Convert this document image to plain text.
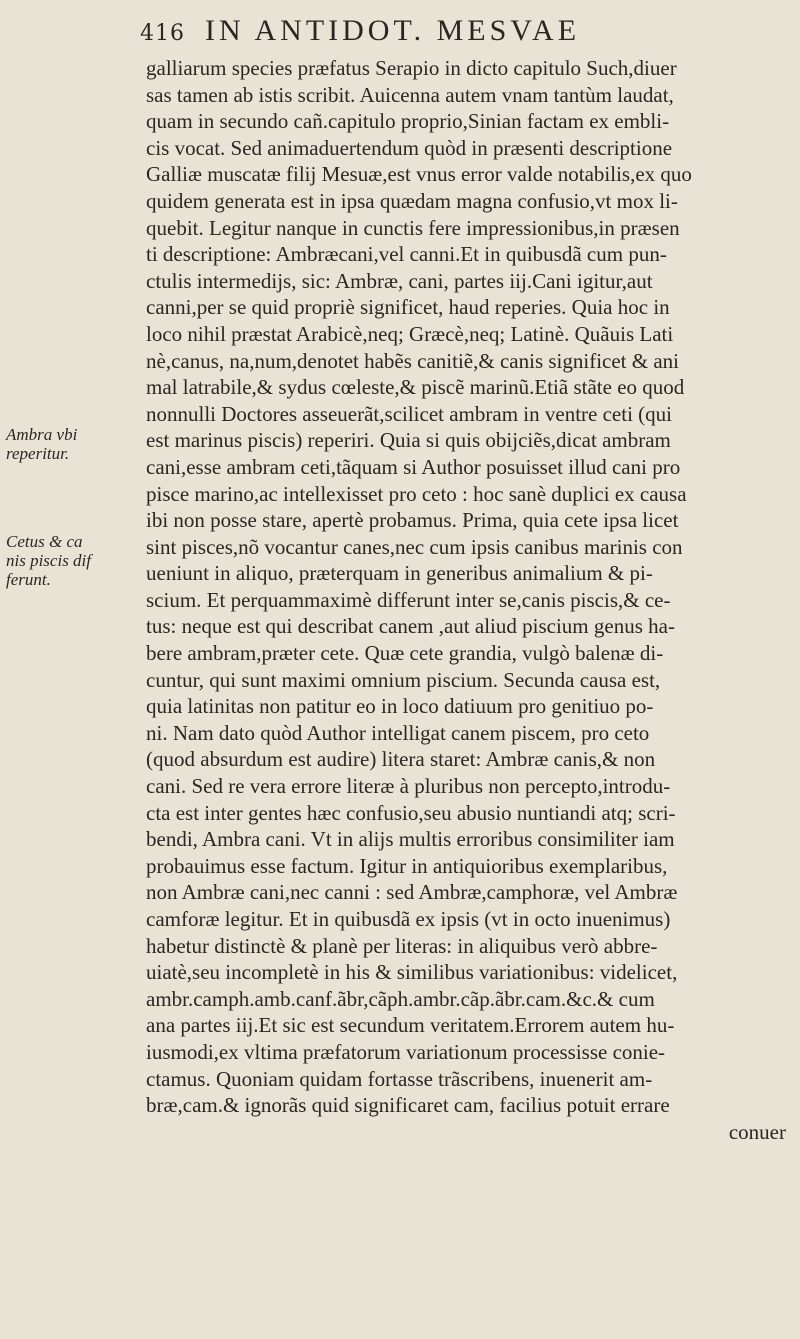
416 IN ANTIDOT. MESVAE
Ambra vbi
reperitur.
Cetus & ca
nis piscis dif
ferunt.
galliarum species præfatus Serapio in dicto capitulo Such,diuer
sas tamen ab istis scribit. Auicenna autem vnam tantùm laudat,
quam in secundo cañ.capitulo proprio,Sinian factam ex embli-
cis vocat. Sed animaduertendum quòd in præsenti descriptione
Galliæ muscatæ filij Mesuæ,est vnus error valde notabilis,ex quo
quidem generata est in ipsa quædam magna confusio,vt mox li-
quebit. Legitur nanque in cunctis fere impressionibus,in præsen
ti descriptione: Ambræcani,vel canni.Et in quibusdã cum pun-
ctulis intermedijs, sic: Ambræ, cani, partes iij.Cani igitur,aut
canni,per se quid propriè significet, haud reperies. Quia hoc in
loco nihil præstat Arabicè,neq; Græcè,neq; Latinè. Quãuis Lati
nè,canus, na,num,denotet habẽs canitiẽ,& canis significet & ani
mal latrabile,& sydus cœleste,& piscẽ marinũ.Etiã stãte eo quod
nonnulli Doctores asseuerãt,scilicet ambram in ventre ceti (qui
est marinus piscis) reperiri. Quia si quis obijciẽs,dicat ambram
cani,esse ambram ceti,tãquam si Author posuisset illud cani pro
pisce marino,ac intellexisset pro ceto : hoc sanè duplici ex causa
ibi non posse stare, apertè probamus. Prima, quia cete ipsa licet
sint pisces,nõ vocantur canes,nec cum ipsis canibus marinis con
ueniunt in aliquo, præterquam in generibus animalium & pi-
scium. Et perquammaximè differunt inter se,canis piscis,& ce-
tus: neque est qui describat canem ,aut aliud piscium genus ha-
bere ambram,præter cete. Quæ cete grandia, vulgò balenæ di-
cuntur, qui sunt maximi omnium piscium. Secunda causa est,
quia latinitas non patitur eo in loco datiuum pro genitiuo po-
ni. Nam dato quòd Author intelligat canem piscem, pro ceto
(quod absurdum est audire) litera staret: Ambræ canis,& non
cani. Sed re vera errore literæ à pluribus non percepto,introdu-
cta est inter gentes hæc confusio,seu abusio nuntiandi atq; scri-
bendi, Ambra cani. Vt in alijs multis erroribus consimiliter iam
probauimus esse factum. Igitur in antiquioribus exemplaribus,
non Ambræ cani,nec canni : sed Ambræ,camphoræ, vel Ambræ
camforæ legitur. Et in quibusdã ex ipsis (vt in octo inuenimus)
habetur distinctè & planè per literas: in aliquibus verò abbre-
uiatè,seu incompletè in his & similibus variationibus: videlicet,
ambr.camph.amb.canf.ãbr,cãph.ambr.cãp.ãbr.cam.&c.& cum
ana partes iij.Et sic est secundum veritatem.Errorem autem hu-
iusmodi,ex vltima præfatorum variationum processisse conie-
ctamus. Quoniam quidam fortasse trãscribens, inuenerit am-
bræ,cam.& ignorãs quid significaret cam, facilius potuit errare
conuer
